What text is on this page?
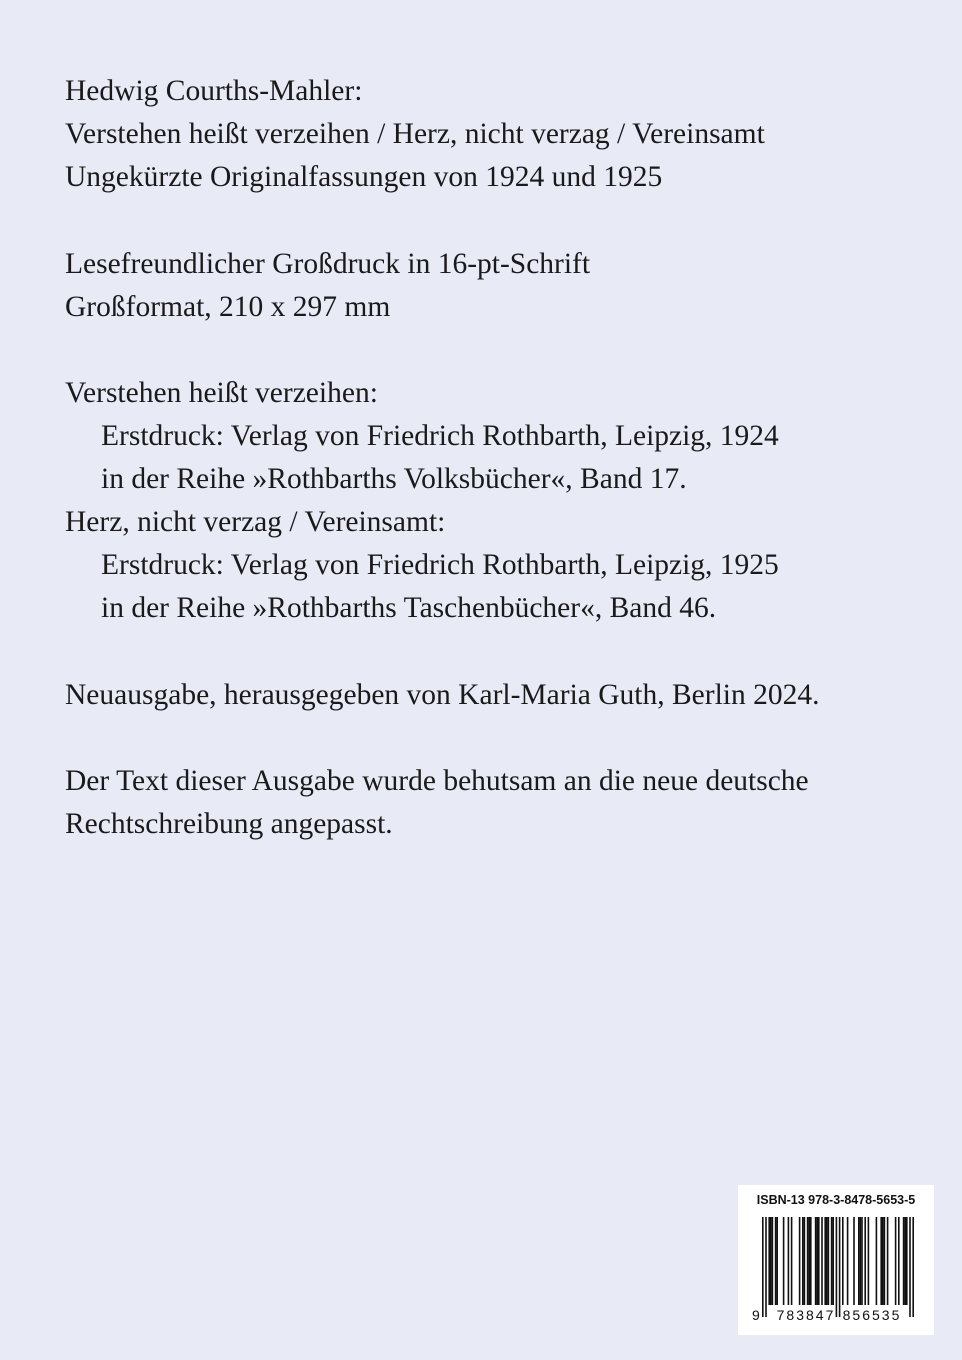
Hedwig Courths-Mahler:
Verstehen heißt verzeihen / Herz, nicht verzag / Vereinsamt
Ungekürzte Originalfassungen von 1924 und 1925
Lesefreundlicher Großdruck in 16-pt-Schrift
Großformat, 210 x 297 mm
Verstehen heißt verzeihen:
Erstdruck: Verlag von Friedrich Rothbarth, Leipzig, 1924
in der Reihe »Rothbarths Volksbücher«, Band 17.
Herz, nicht verzag / Vereinsamt:
Erstdruck: Verlag von Friedrich Rothbarth, Leipzig, 1925
in der Reihe »Rothbarths Taschenbücher«, Band 46.
Neuausgabe, herausgegeben von Karl-Maria Guth, Berlin 2024.
Der Text dieser Ausgabe wurde behutsam an die neue deutsche
Rechtschreibung angepasst.
ISBN-13 978-3-8478-5653-5
9 783847 856535
